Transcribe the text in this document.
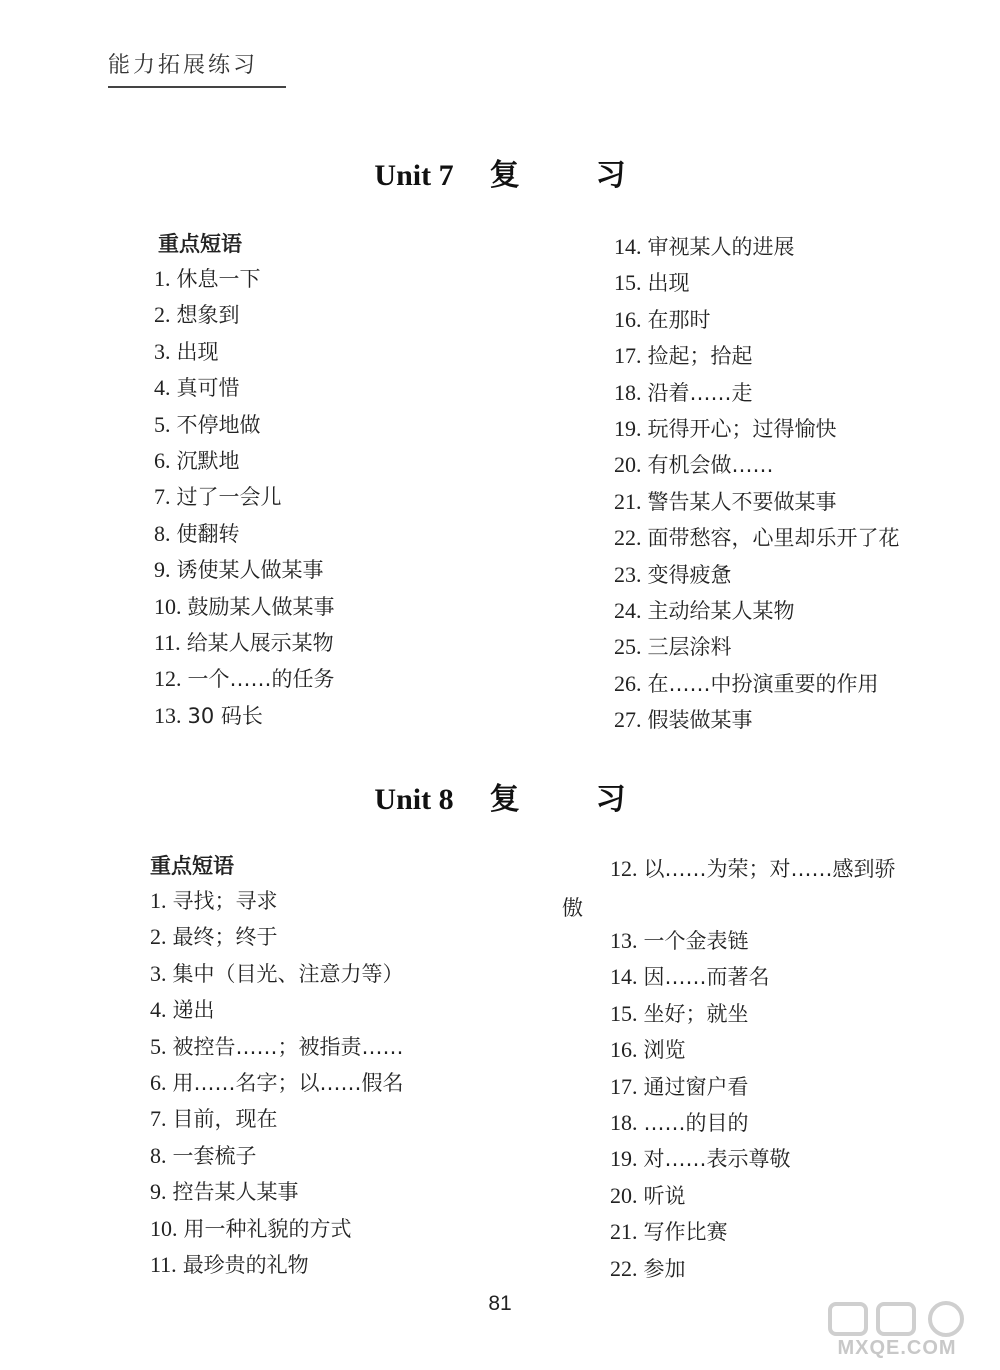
能力拓展练习
Unit 7 复	习
重点短语
1. 休息一下
2. 想象到
3. 出现
4. 真可惜
5. 不停地做
6. 沉默地
7. 过了一会儿
8. 使翻转
9. 诱使某人做某事
10. 鼓励某人做某事
11. 给某人展示某物
12. 一个……的任务
13. 30 码长
14. 审视某人的进展
15. 出现
16. 在那时
17. 捡起；拾起
18. 沿着……走
19. 玩得开心；过得愉快
20. 有机会做……
21. 警告某人不要做某事
22. 面带愁容，心里却乐开了花
23. 变得疲惫
24. 主动给某人某物
25. 三层涂料
26. 在……中扮演重要的作用
27. 假装做某事
Unit 8 复	习
重点短语
1. 寻找；寻求
2. 最终；终于
3. 集中（目光、注意力等）
4. 递出
5. 被控告……；被指责……
6. 用……名字；以……假名
7. 目前，现在
8. 一套梳子
9. 控告某人某事
10. 用一种礼貌的方式
11. 最珍贵的礼物
12. 以……为荣；对……感到骄
傲
13. 一个金表链
14. 因……而著名
15. 坐好；就坐
16. 浏览
17. 通过窗户看
18. ……的目的
19. 对……表示尊敬
20. 听说
21. 写作比赛
22. 参加
81
MXQE.COM
